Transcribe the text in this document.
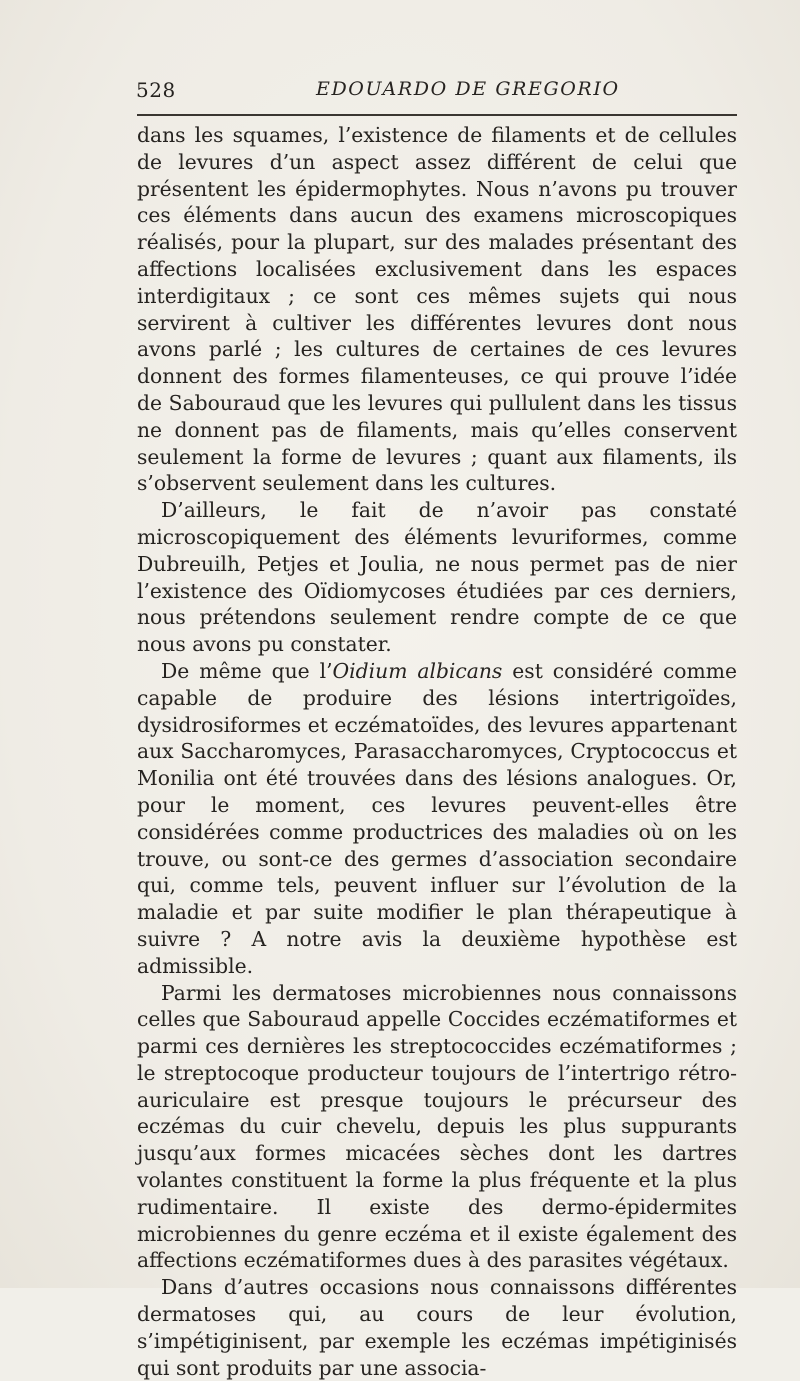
528	EDOUARDO DE GREGORIO

dans les squames, l’existence de filaments et de cellules de levures d’un aspect assez différent de celui que présentent les épidermophytes. Nous n’avons pu trouver ces éléments dans aucun des examens microscopiques réalisés, pour la plupart, sur des malades présentant des affections localisées exclusivement dans les espaces interdigitaux ; ce sont ces mêmes sujets qui nous servirent à cultiver les différentes levures dont nous avons parlé ; les cultures de certaines de ces levures donnent des formes filamenteuses, ce qui prouve l’idée de Sabouraud que les levures qui pullulent dans les tissus ne donnent pas de filaments, mais qu’elles conservent seulement la forme de levures ; quant aux filaments, ils s’observent seulement dans les cultures.

D’ailleurs, le fait de n’avoir pas constaté microscopiquement des éléments levuriformes, comme Dubreuilh, Petjes et Joulia, ne nous permet pas de nier l’existence des Oïdiomycoses étudiées par ces derniers, nous prétendons seulement rendre compte de ce que nous avons pu constater.

De même que l’Oidium albicans est considéré comme capable de produire des lésions intertrigoïdes, dysidrosiformes et eczématoïdes, des levures appartenant aux Saccharomyces, Parasaccharomyces, Cryptococcus et Monilia ont été trouvées dans des lésions analogues. Or, pour le moment, ces levures peuvent-elles être considérées comme productrices des maladies où on les trouve, ou sont-ce des germes d’association secondaire qui, comme tels, peuvent influer sur l’évolution de la maladie et par suite modifier le plan thérapeutique à suivre ? A notre avis la deuxième hypothèse est admissible.

Parmi les dermatoses microbiennes nous connaissons celles que Sabouraud appelle Coccides eczématiformes et parmi ces dernières les streptococcides eczématiformes ; le streptocoque producteur toujours de l’intertrigo rétro-auriculaire est presque toujours le précurseur des eczémas du cuir chevelu, depuis les plus suppurants jusqu’aux formes micacées sèches dont les dartres volantes constituent la forme la plus fréquente et la plus rudimentaire. Il existe des dermo-épidermites microbiennes du genre eczéma et il existe également des affections eczématiformes dues à des parasites végétaux.

Dans d’autres occasions nous connaissons différentes dermatoses qui, au cours de leur évolution, s’impétiginisent, par exemple les eczémas impétiginisés qui sont produits par une associa-
